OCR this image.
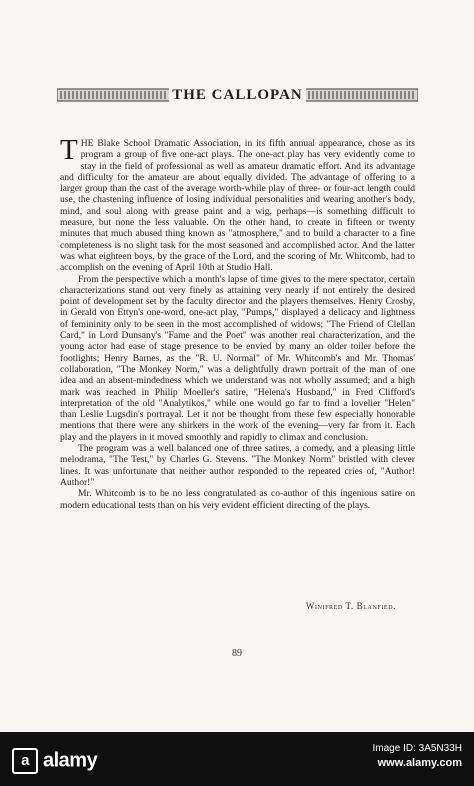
THE CALLOPAN

THE Blake School Dramatic Association, in its fifth annual appearance, chose as its program a group of five one-act plays. The one-act play has very evidently come to stay in the field of professional as well as amateur dramatic effort. And its advantage and difficulty for the amateur are about equally divided. The advantage of offering to a larger group than the cast of the average worth-while play of three- or four-act length could use, the chastening influence of losing individual personalities and wearing another's body, mind, and soul along with grease paint and a wig, perhaps—is something difficult to measure, but none the less valuable. On the other hand, to create in fifteen or twenty minutes that much abused thing known as "atmosphere," and to build a character to a fine completeness is no slight task for the most seasoned and accomplished actor. And the latter was what eighteen boys, by the grace of the Lord, and the scoring of Mr. Whitcomb, had to accomplish on the evening of April 10th at Studio Hall.

From the perspective which a month's lapse of time gives to the mere spectator, certain characterizations stand out very finely as attaining very nearly if not entirely the desired point of development set by the faculty director and the players themselves. Henry Crosby, in Gerald von Ettyn's one-word, one-act play, "Pumps," displayed a delicacy and lightness of femininity only to be seen in the most accomplished of widows; "The Friend of Clellan Card," in Lord Dunsany's "Fame and the Poet" was another real characterization, and the young actor had ease of stage presence to be envied by many an older toiler before the footlights; Henry Barnes, as the "R. U. Normal" of Mr. Whitcomb's and Mr. Thomas' collaboration, "The Monkey Norm," was a delightfully drawn portrait of the man of one idea and an absent-mindedness which we understand was not wholly assumed; and a high mark was reached in Philip Moeller's satire, "Helena's Husband," in Fred Clifford's interpretation of the old "Analytikos," while one would go far to find a lovelier "Helen" than Leslie Lugsdin's portrayal. Let it not be thought from these few especially honorable mentions that there were any shirkers in the work of the evening—very far from it. Each play and the players in it moved smoothly and rapidly to climax and conclusion.

The program was a well balanced one of three satires, a comedy, and a pleasing little melodrama, "The Test," by Charles G. Stevens. "The Monkey Norm" bristled with clever lines. It was unfortunate that neither author responded to the repeated cries of, "Author! Author!"

Mr. Whitcomb is to be no less congratulated as co-author of this ingenious satire on modern educational tests than on his very evident efficient directing of the plays.

Winifred T. Blanfied.
89
a alamy
Image ID: 3A5N33H
www.alamy.com
